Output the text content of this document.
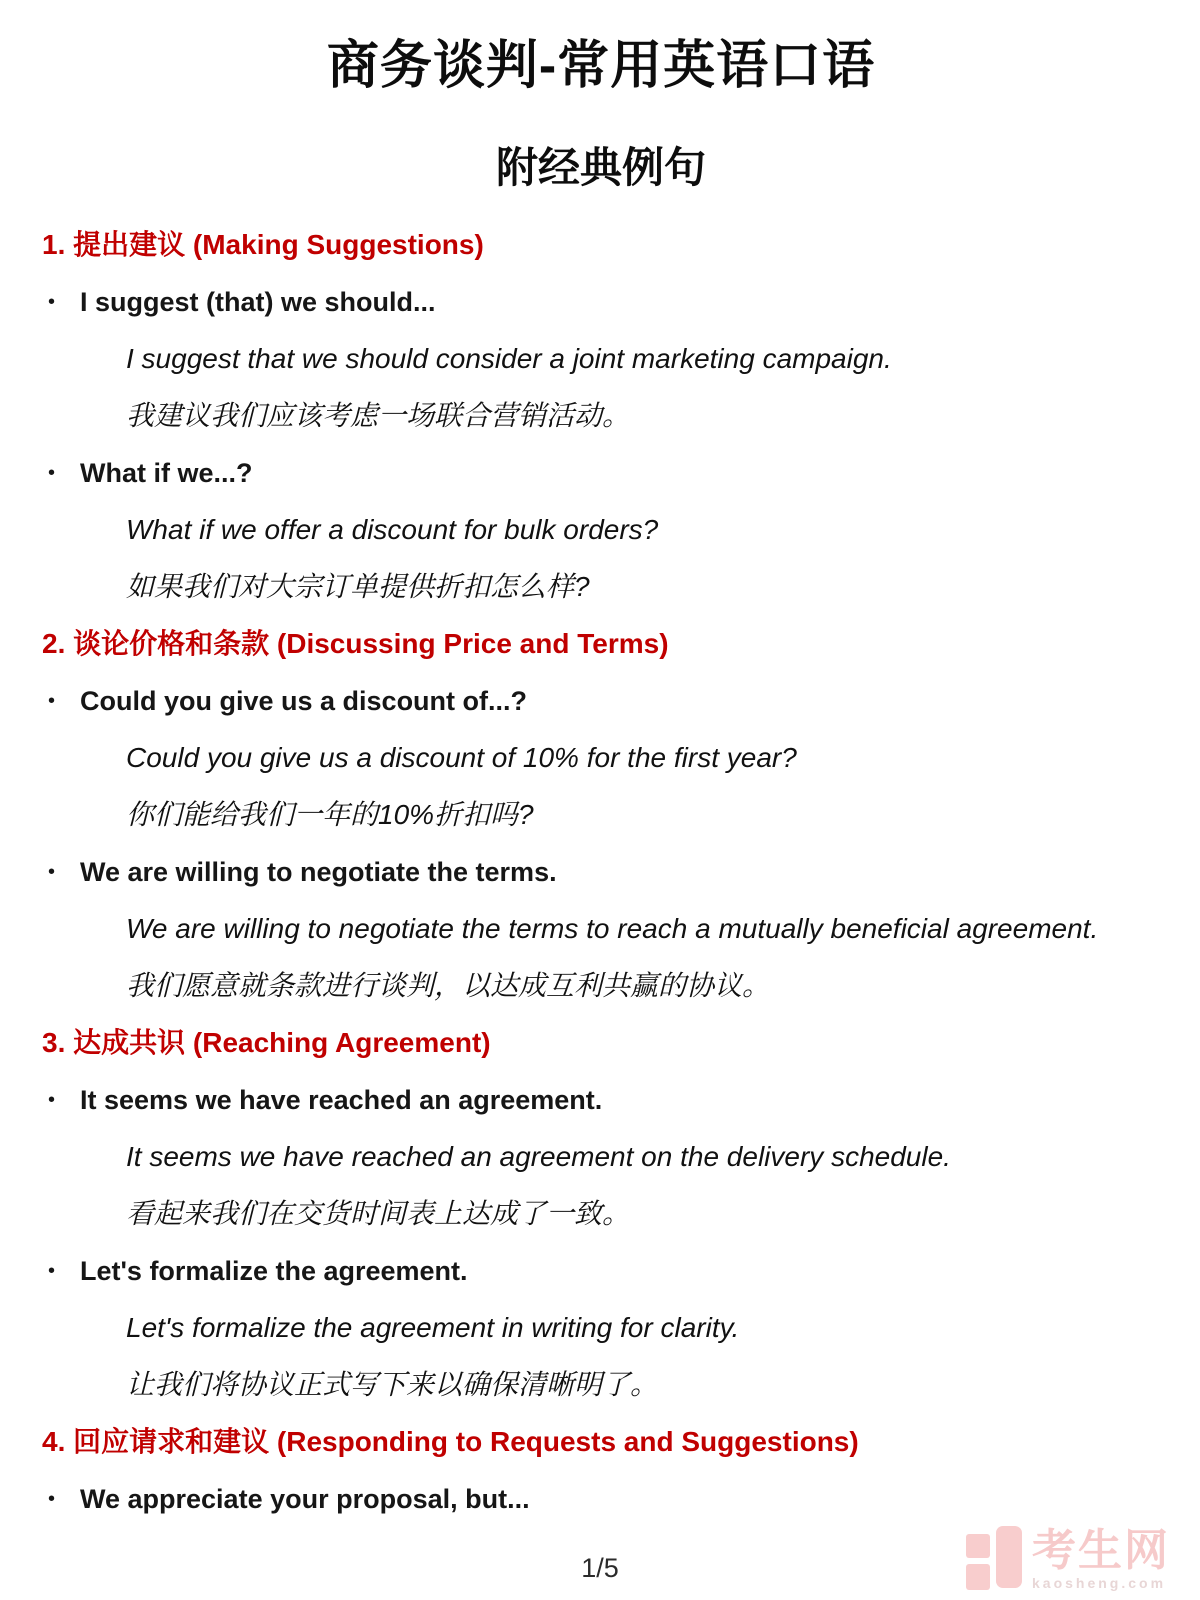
商务谈判-常用英语口语
附经典例句
1. 提出建议 (Making Suggestions)
• I suggest (that) we should...
I suggest that we should consider a joint marketing campaign.
我建议我们应该考虑一场联合营销活动。
• What if we...?
What if we offer a discount for bulk orders?
如果我们对大宗订单提供折扣怎么样?
2. 谈论价格和条款 (Discussing Price and Terms)
• Could you give us a discount of...?
Could you give us a discount of 10% for the first year?
你们能给我们一年的10%折扣吗?
• We are willing to negotiate the terms.
We are willing to negotiate the terms to reach a mutually beneficial agreement.
我们愿意就条款进行谈判，以达成互利共赢的协议。
3. 达成共识 (Reaching Agreement)
• It seems we have reached an agreement.
It seems we have reached an agreement on the delivery schedule.
看起来我们在交货时间表上达成了一致。
• Let's formalize the agreement.
Let's formalize the agreement in writing for clarity.
让我们将协议正式写下来以确保清晰明了。
4. 回应请求和建议 (Responding to Requests and Suggestions)
• We appreciate your proposal, but...
1/5	考生网
kaosheng.com
